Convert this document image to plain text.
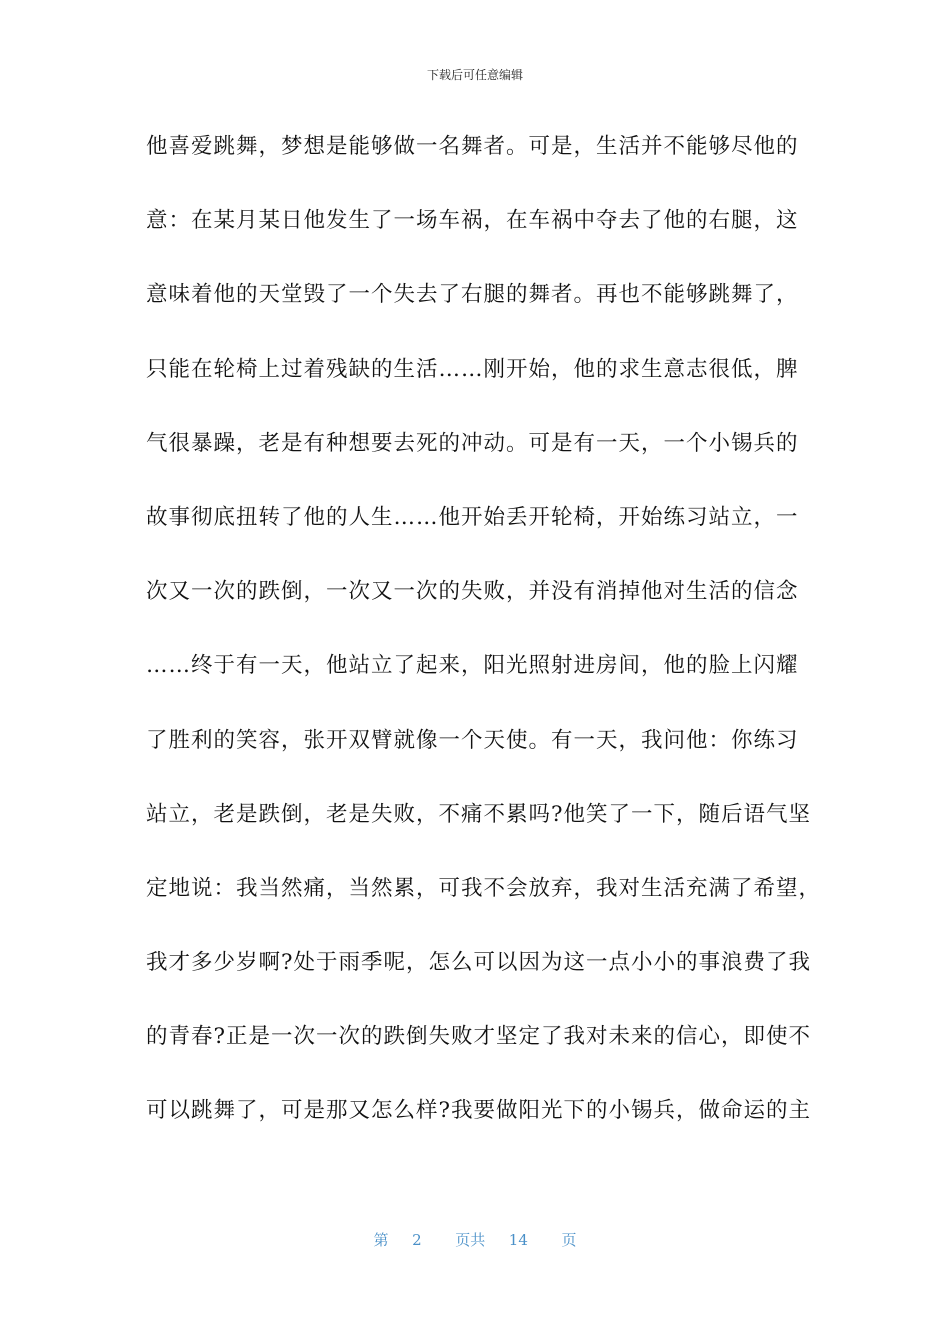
下载后可任意编辑
他喜爱跳舞，梦想是能够做一名舞者。可是，生活并不能够尽他的
意：在某月某日他发生了一场车祸，在车祸中夺去了他的右腿，这
意味着他的天堂毁了一个失去了右腿的舞者。再也不能够跳舞了，
只能在轮椅上过着残缺的生活……刚开始，他的求生意志很低，脾
气很暴躁，老是有种想要去死的冲动。可是有一天，一个小锡兵的
故事彻底扭转了他的人生……他开始丢开轮椅，开始练习站立，一
次又一次的跌倒，一次又一次的失败，并没有消掉他对生活的信念
……终于有一天，他站立了起来，阳光照射进房间，他的脸上闪耀
了胜利的笑容，张开双臂就像一个天使。有一天，我问他：你练习
站立，老是跌倒，老是失败，不痛不累吗?他笑了一下，随后语气坚
定地说：我当然痛，当然累，可我不会放弃，我对生活充满了希望，
我才多少岁啊?处于雨季呢，怎么可以因为这一点小小的事浪费了我
的青春?正是一次一次的跌倒失败才坚定了我对未来的信心，即使不
可以跳舞了，可是那又怎么样?我要做阳光下的小锡兵，做命运的主
第 2 页共 14 页
